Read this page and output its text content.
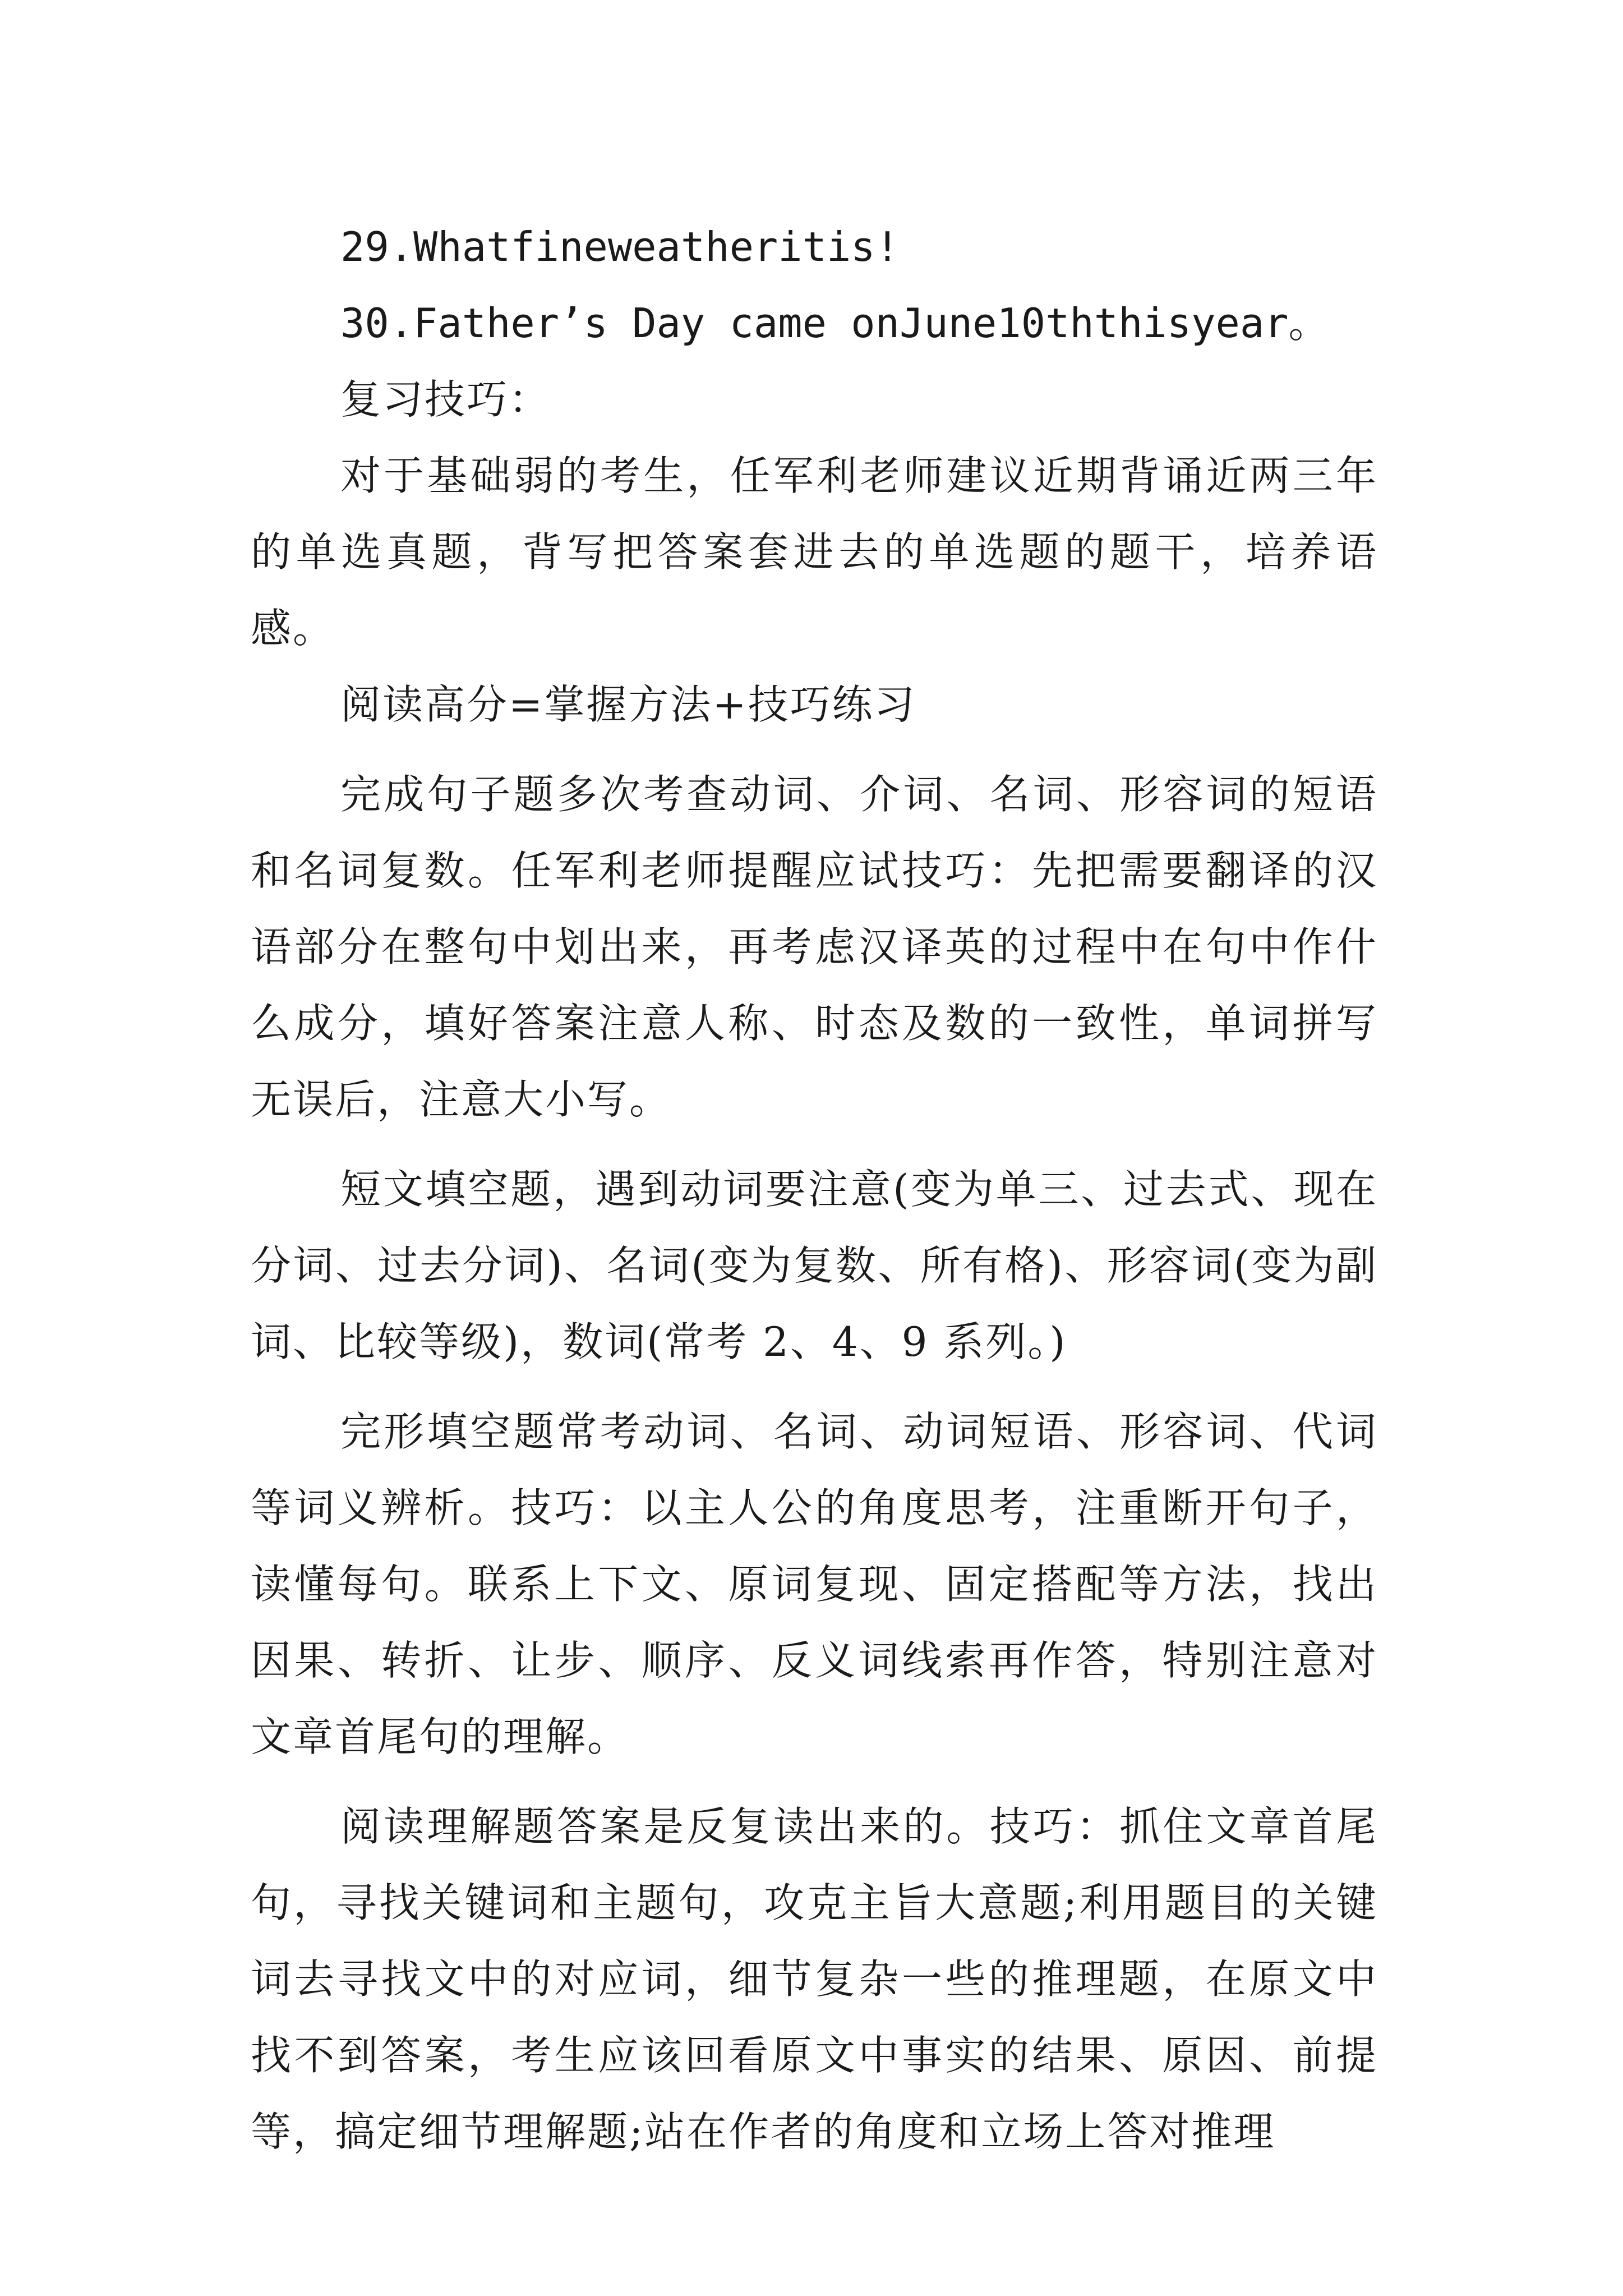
29.Whatfineweatheritis!

30.Father’s Day came onJune10ththisyear。

复习技巧：

对于基础弱的考生，任军利老师建议近期背诵近两三年的单选真题，背写把答案套进去的单选题的题干，培养语感。

阅读高分=掌握方法+技巧练习

完成句子题多次考查动词、介词、名词、形容词的短语和名词复数。任军利老师提醒应试技巧：先把需要翻译的汉语部分在整句中划出来，再考虑汉译英的过程中在句中作什么成分，填好答案注意人称、时态及数的一致性，单词拼写无误后，注意大小写。

短文填空题，遇到动词要注意(变为单三、过去式、现在分词、过去分词)、名词(变为复数、所有格)、形容词(变为副词、比较等级)，数词(常考 2、4、9 系列。)

完形填空题常考动词、名词、动词短语、形容词、代词等词义辨析。技巧：以主人公的角度思考，注重断开句子，读懂每句。联系上下文、原词复现、固定搭配等方法，找出因果、转折、让步、顺序、反义词线索再作答，特别注意对文章首尾句的理解。

阅读理解题答案是反复读出来的。技巧：抓住文章首尾句，寻找关键词和主题句，攻克主旨大意题;利用题目的关键词去寻找文中的对应词，细节复杂一些的推理题，在原文中找不到答案，考生应该回看原文中事实的结果、原因、前提等，搞定细节理解题;站在作者的角度和立场上答对推理
